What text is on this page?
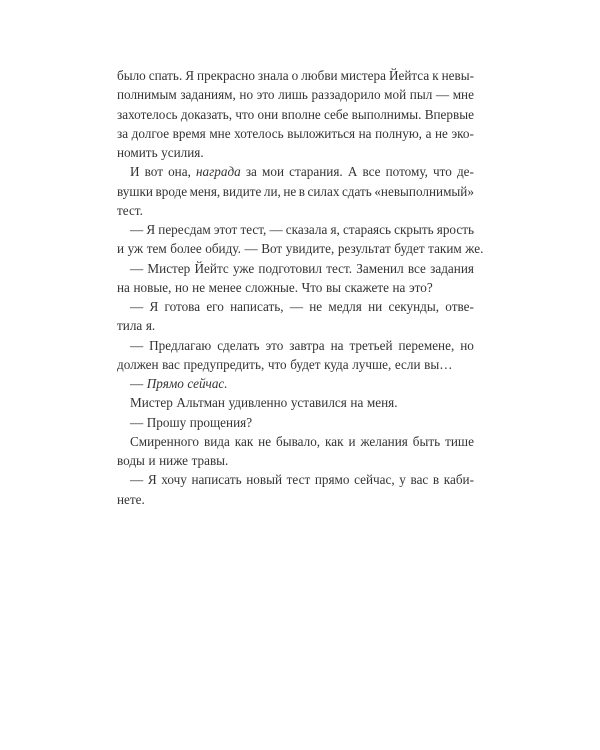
было спать. Я прекрасно знала о любви мистера Йейтса к невы-
полнимым заданиям, но это лишь раззадорило мой пыл — мне
захотелось доказать, что они вполне себе выполнимы. Впервые
за долгое время мне хотелось выложиться на полную, а не эко-
номить усилия.
И вот она, награда за мои старания. А все потому, что де-
вушки вроде меня, видите ли, не в силах сдать «невыполнимый»
тест.
— Я пересдам этот тест, — сказала я, стараясь скрыть ярость
и уж тем более обиду. — Вот увидите, результат будет таким же.
— Мистер Йейтс уже подготовил тест. Заменил все задания
на новые, но не менее сложные. Что вы скажете на это?
— Я готова его написать, — не медля ни секунды, отве-
тила я.
— Предлагаю сделать это завтра на третьей перемене, но
должен вас предупредить, что будет куда лучше, если вы…
— Прямо сейчас.
Мистер Альтман удивленно уставился на меня.
— Прошу прощения?
Смиренного вида как не бывало, как и желания быть тише
воды и ниже травы.
— Я хочу написать новый тест прямо сейчас, у вас в каби-
нете.
